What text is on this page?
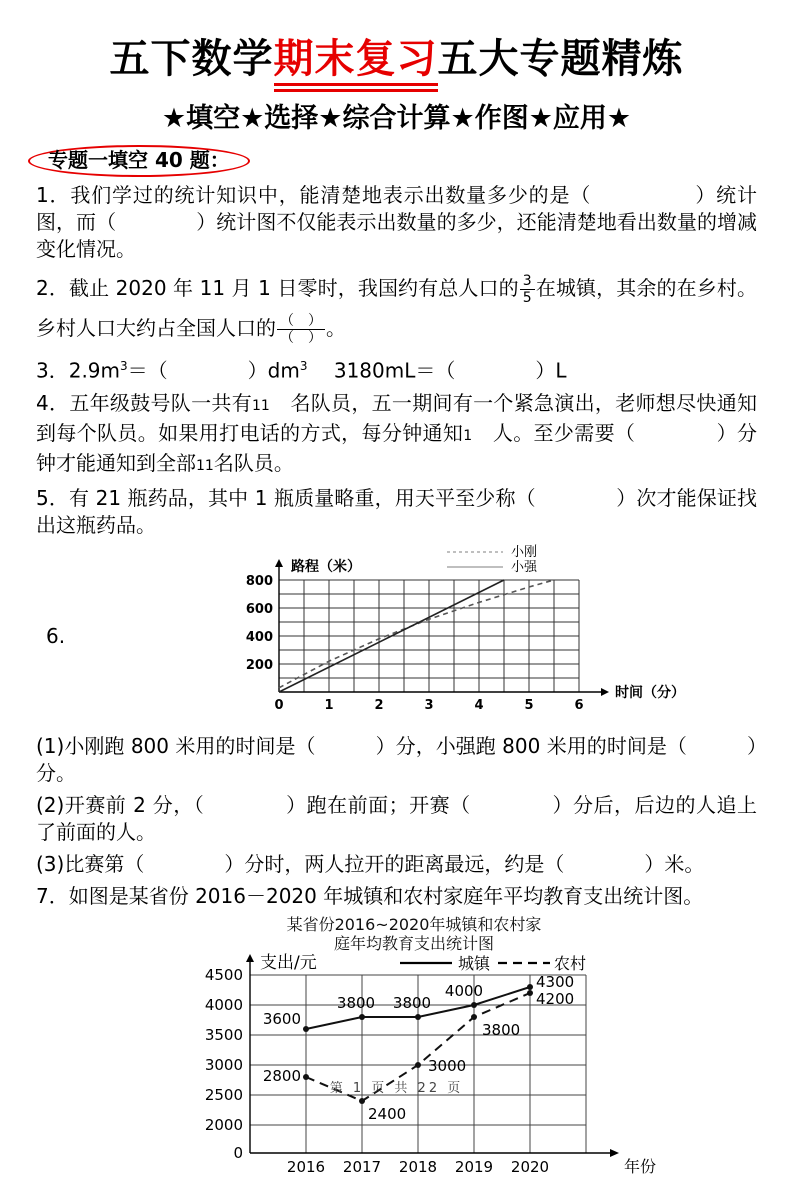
五下数学期末复习五大专题精炼
★填空★选择★综合计算★作图★应用★
专题一填空 40 题：

1．我们学过的统计知识中，能清楚地表示出数量多少的是（　　　　　）统计图，而（　　　　）统计图不仅能表示出数量的多少，还能清楚地看出数量的增减变化情况。

2．截止 2020 年 11 月 1 日零时，我国约有总人口的 $\frac{3}{5}$ 在城镇，其余的在乡村。乡村人口大约占全国人口的 $\frac{( )}{( )}$ 。

3．$2.9m^3=$（　　　　）$dm^3$　 3180mL＝（　　　　）L

4．五年级鼓号队一共有11　名队员，五一期间有一个紧急演出，老师想尽快通知到每个队员。如果用打电话的方式，每分钟通知1　人。至少需要（　　　　）分钟才能通知到全部11名队员。

5．有 21 瓶药品，其中 1 瓶质量略重，用天平至少称（　　　　）次才能保证找出这瓶药品。

6.
200
400
600
800
0	1	2	3	4	5	6
路程（米）
时间（分）
小刚
小强

(1)小刚跑 800 米用的时间是（　　　）分，小强跑 800 米用的时间是（　　　）分。

(2)开赛前 2 分，（　　　　）跑在前面；开赛（　　　　）分后，后边的人追上了前面的人。

(3)比赛第（　　　　）分时，两人拉开的距离最远，约是（　　　　）米。

7．如图是某省份 2016－2020 年城镇和农村家庭年平均教育支出统计图。

某省份2016~2020年城镇和农村家
庭年均教育支出统计图
0
2000
2500
3000
3500
4000
4500
2016 2017 2018 2019 2020
支出/元
年份
城镇	农村
3600
3800 3800
4000	4300
2800
2400
3000
3800
4200
第 1 页 共 22 页
